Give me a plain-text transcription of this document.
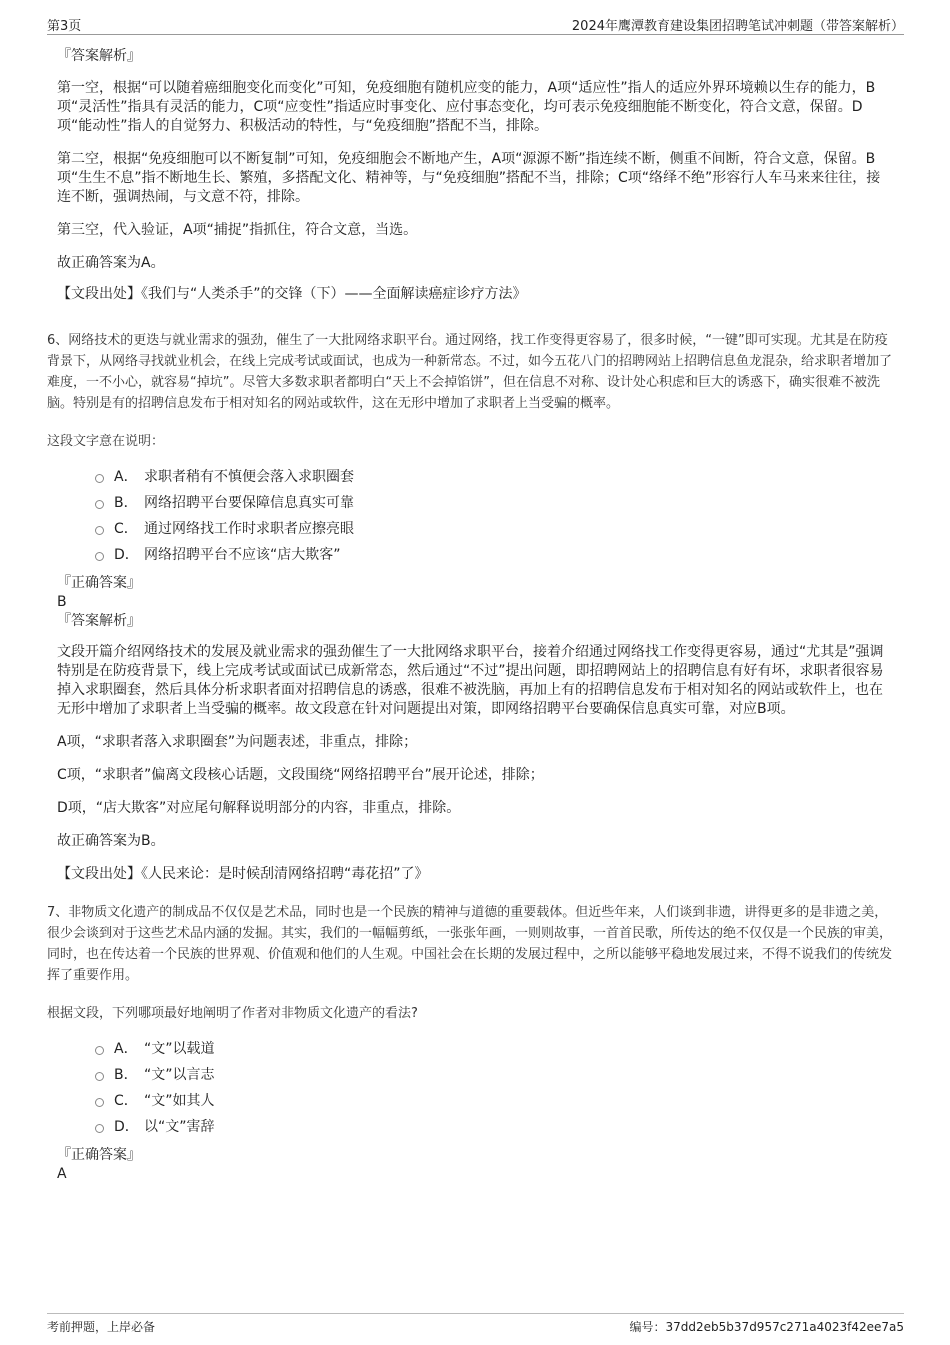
第3页	2024年鹰潭教育建设集团招聘笔试冲刺题（带答案解析）
『答案解析』

第一空，根据“可以随着癌细胞变化而变化”可知，免疫细胞有随机应变的能力，A项“适应性”指人的适应外界环境赖以生存的能力，B项“灵活性”指具有灵活的能力，C项“应变性”指适应时事变化、应付事态变化，均可表示免疫细胞能不断变化，符合文意，保留。D项“能动性”指人的自觉努力、积极活动的特性，与“免疫细胞”搭配不当，排除。

第二空，根据“免疫细胞可以不断复制”可知，免疫细胞会不断地产生，A项“源源不断”指连续不断，侧重不间断，符合文意，保留。B项“生生不息”指不断地生长、繁殖，多搭配文化、精神等，与“免疫细胞”搭配不当，排除；C项“络绎不绝”形容行人车马来来往往，接连不断，强调热闹，与文意不符，排除。

第三空，代入验证，A项“捕捉”指抓住，符合文意，当选。

故正确答案为A。

【文段出处】《我们与“人类杀手”的交锋（下）——全面解读癌症诊疗方法》
6、网络技术的更迭与就业需求的强劲，催生了一大批网络求职平台。通过网络，找工作变得更容易了，很多时候，“一键”即可实现。尤其是在防疫背景下，从网络寻找就业机会，在线上完成考试或面试，也成为一种新常态。不过，如今五花八门的招聘网站上招聘信息鱼龙混杂，给求职者增加了难度，一不小心，就容易“掉坑”。尽管大多数求职者都明白“天上不会掉馅饼”，但在信息不对称、设计处心积虑和巨大的诱惑下，确实很难不被洗脑。特别是有的招聘信息发布于相对知名的网站或软件，这在无形中增加了求职者上当受骗的概率。
这段文字意在说明：
A． 求职者稍有不慎便会落入求职圈套
B． 网络招聘平台要保障信息真实可靠
C． 通过网络找工作时求职者应擦亮眼
D． 网络招聘平台不应该“店大欺客”
『正确答案』
B
『答案解析』

文段开篇介绍网络技术的发展及就业需求的强劲催生了一大批网络求职平台，接着介绍通过网络找工作变得更容易，通过“尤其是”强调特别是在防疫背景下，线上完成考试或面试已成新常态，然后通过“不过”提出问题，即招聘网站上的招聘信息有好有坏，求职者很容易掉入求职圈套，然后具体分析求职者面对招聘信息的诱惑，很难不被洗脑，再加上有的招聘信息发布于相对知名的网站或软件上，也在无形中增加了求职者上当受骗的概率。故文段意在针对问题提出对策，即网络招聘平台要确保信息真实可靠，对应B项。

A项，“求职者落入求职圈套”为问题表述，非重点，排除；

C项，“求职者”偏离文段核心话题，文段围绕“网络招聘平台”展开论述，排除；

D项，“店大欺客”对应尾句解释说明部分的内容，非重点，排除。

故正确答案为B。

【文段出处】《人民来论：是时候刮清网络招聘“毒花招”了》
7、非物质文化遗产的制成品不仅仅是艺术品，同时也是一个民族的精神与道德的重要载体。但近些年来，人们谈到非遗，讲得更多的是非遗之美，很少会谈到对于这些艺术品内涵的发掘。其实，我们的一幅幅剪纸，一张张年画，一则则故事，一首首民歌，所传达的绝不仅仅是一个民族的审美，同时，也在传达着一个民族的世界观、价值观和他们的人生观。中国社会在长期的发展过程中，之所以能够平稳地发展过来，不得不说我们的传统发挥了重要作用。
根据文段，下列哪项最好地阐明了作者对非物质文化遗产的看法?
A． “文”以载道
B． “文”以言志
C． “文”如其人
D． 以“文”害辞
『正确答案』
A
考前押题，上岸必备	编号：37dd2eb5b37d957c271a4023f42ee7a5
